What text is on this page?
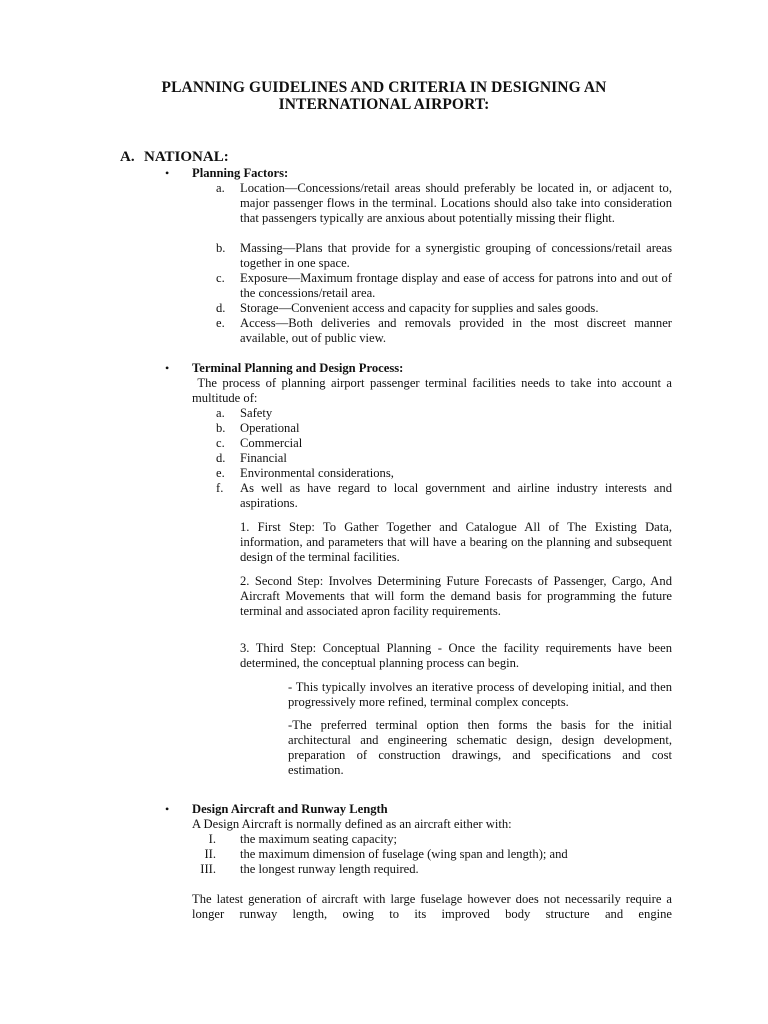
PLANNING GUIDELINES AND CRITERIA IN DESIGNING AN
INTERNATIONAL AIRPORT:
A. NATIONAL:
• Planning Factors:
a.	Location—Concessions/retail areas should preferably be located in, or adjacent to, major passenger flows in the terminal. Locations should also take into consideration that passengers typically are anxious about potentially missing their flight.
b.	Massing—Plans that provide for a synergistic grouping of concessions/retail areas together in one space.
c.	Exposure—Maximum frontage display and ease of access for patrons into and out of the concessions/retail area.
d.	Storage—Convenient access and capacity for supplies and sales goods.
e.	Access—Both deliveries and removals provided in the most discreet manner available, out of public view.
• Terminal Planning and Design Process:
The process of planning airport passenger terminal facilities needs to take into account a multitude of:
a.	Safety
b.	Operational
c.	Commercial
d.	Financial
e.	Environmental considerations,
f.	As well as have regard to local government and airline industry interests and aspirations.
1. First Step: To Gather Together and Catalogue All of The Existing Data, information, and parameters that will have a bearing on the planning and subsequent design of the terminal facilities.
2. Second Step: Involves Determining Future Forecasts of Passenger, Cargo, And Aircraft Movements that will form the demand basis for programming the future terminal and associated apron facility requirements.
3. Third Step: Conceptual Planning - Once the facility requirements have been determined, the conceptual planning process can begin.
- This typically involves an iterative process of developing initial, and then progressively more refined, terminal complex concepts.
-The preferred terminal option then forms the basis for the initial architectural and engineering schematic design, design development, preparation of construction drawings, and specifications and cost estimation.
• Design Aircraft and Runway Length
A Design Aircraft is normally defined as an aircraft either with:
I. the maximum seating capacity;
II. the maximum dimension of fuselage (wing span and length); and
III. the longest runway length required.
The latest generation of aircraft with large fuselage however does not necessarily require a longer runway length, owing to its improved body structure and engine
